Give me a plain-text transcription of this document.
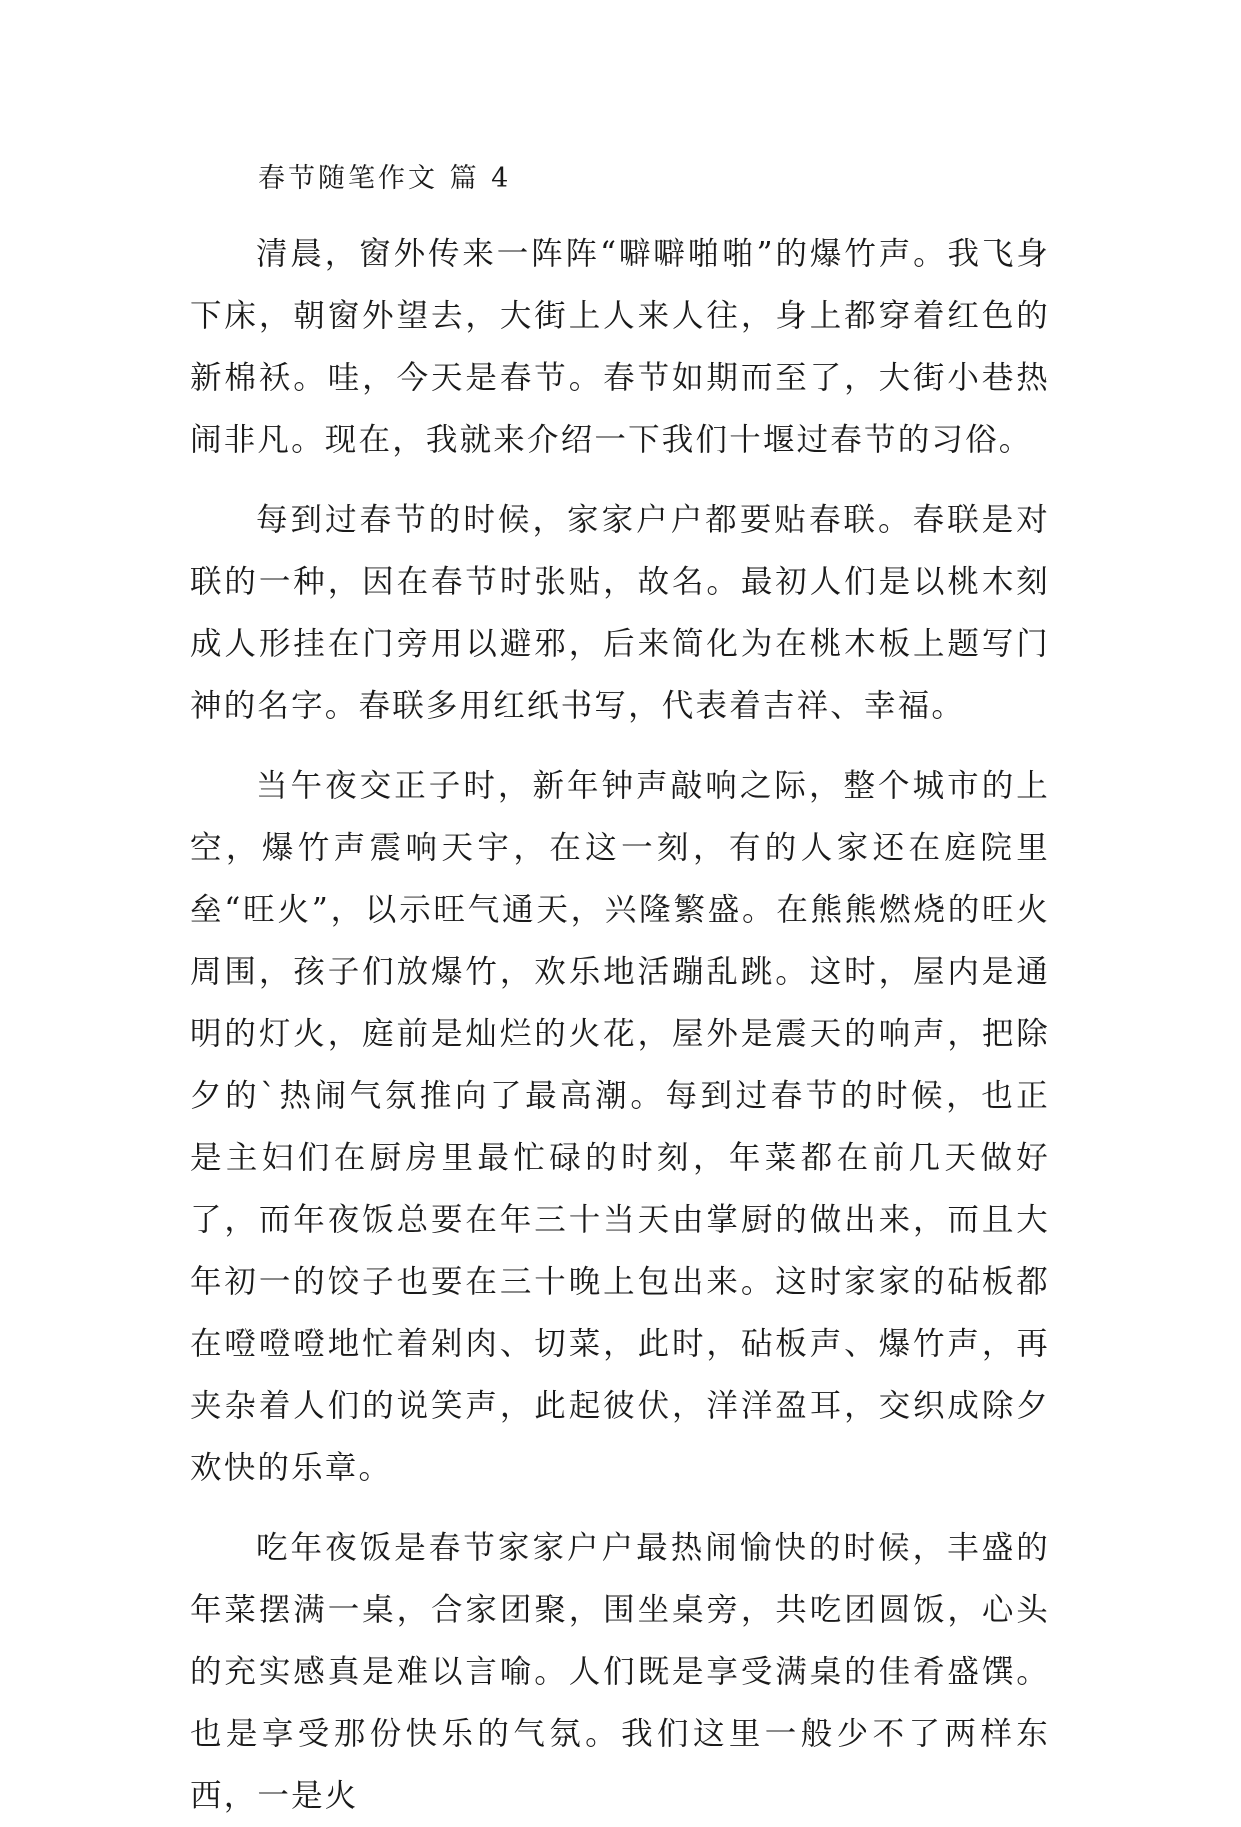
春节随笔作文 篇 4

清晨，窗外传来一阵阵“噼噼啪啪”的爆竹声。我飞身下床，朝窗外望去，大街上人来人往，身上都穿着红色的新棉袄。哇，今天是春节。春节如期而至了，大街小巷热闹非凡。现在，我就来介绍一下我们十堰过春节的习俗。

每到过春节的时候，家家户户都要贴春联。春联是对联的一种，因在春节时张贴，故名。最初人们是以桃木刻成人形挂在门旁用以避邪，后来简化为在桃木板上题写门神的名字。春联多用红纸书写，代表着吉祥、幸福。

当午夜交正子时，新年钟声敲响之际，整个城市的上空，爆竹声震响天宇，在这一刻，有的人家还在庭院里垒“旺火”，以示旺气通天，兴隆繁盛。在熊熊燃烧的旺火周围，孩子们放爆竹，欢乐地活蹦乱跳。这时，屋内是通明的灯火，庭前是灿烂的火花，屋外是震天的响声，把除夕的`热闹气氛推向了最高潮。每到过春节的时候，也正是主妇们在厨房里最忙碌的时刻，年菜都在前几天做好了，而年夜饭总要在年三十当天由掌厨的做出来，而且大年初一的饺子也要在三十晚上包出来。这时家家的砧板都在噔噔噔地忙着剁肉、切菜，此时，砧板声、爆竹声，再夹杂着人们的说笑声，此起彼伏，洋洋盈耳，交织成除夕欢快的乐章。

吃年夜饭是春节家家户户最热闹愉快的时候，丰盛的年菜摆满一桌，合家团聚，围坐桌旁，共吃团圆饭，心头的充实感真是难以言喻。人们既是享受满桌的佳肴盛馔。也是享受那份快乐的气氛。我们这里一般少不了两样东西，一是火
